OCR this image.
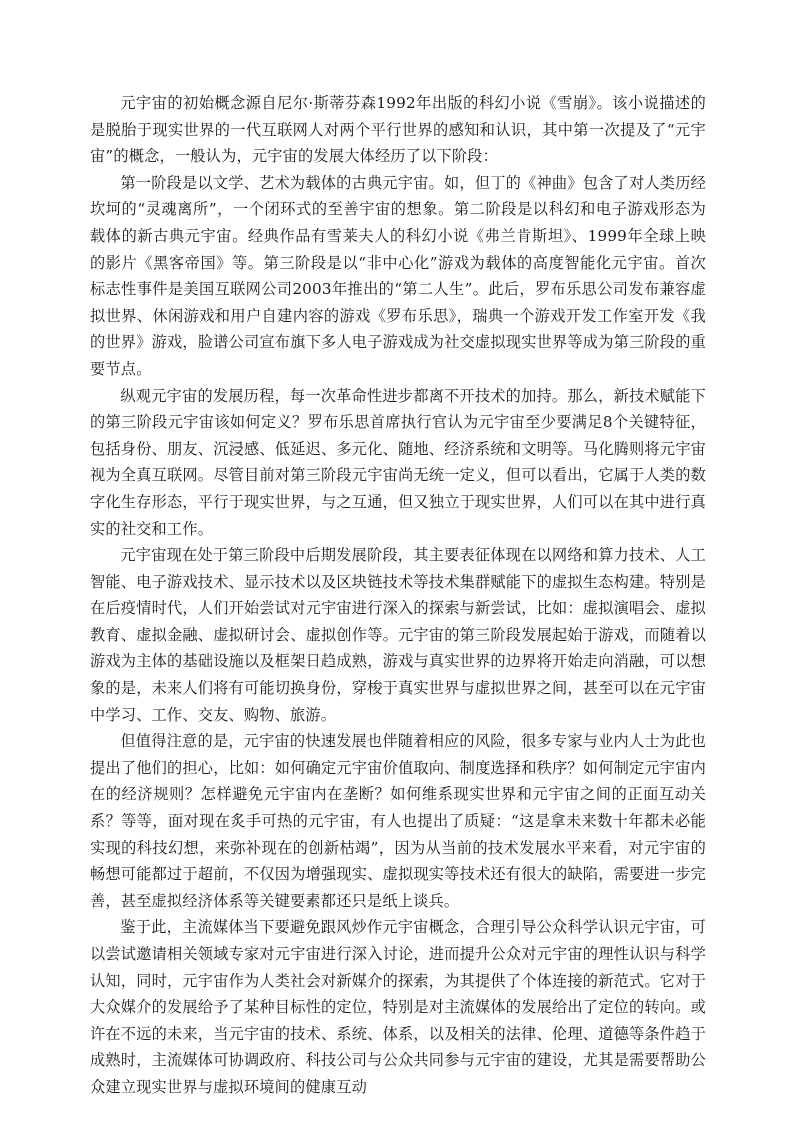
元宇宙的初始概念源自尼尔·斯蒂芬森1992年出版的科幻小说《雪崩》。该小说描述的是脱胎于现实世界的一代互联网人对两个平行世界的感知和认识，其中第一次提及了“元宇宙”的概念，一般认为，元宇宙的发展大体经历了以下阶段：

第一阶段是以文学、艺术为载体的古典元宇宙。如，但丁的《神曲》包含了对人类历经坎坷的“灵魂离所”，一个闭环式的至善宇宙的想象。第二阶段是以科幻和电子游戏形态为载体的新古典元宇宙。经典作品有雪莱夫人的科幻小说《弗兰肯斯坦》、1999年全球上映的影片《黑客帝国》等。第三阶段是以“非中心化”游戏为载体的高度智能化元宇宙。首次标志性事件是美国互联网公司2003年推出的“第二人生”。此后，罗布乐思公司发布兼容虚拟世界、休闲游戏和用户自建内容的游戏《罗布乐思》，瑞典一个游戏开发工作室开发《我的世界》游戏，脸谱公司宣布旗下多人电子游戏成为社交虚拟现实世界等成为第三阶段的重要节点。

纵观元宇宙的发展历程，每一次革命性进步都离不开技术的加持。那么，新技术赋能下的第三阶段元宇宙该如何定义？罗布乐思首席执行官认为元宇宙至少要满足8个关键特征，包括身份、朋友、沉浸感、低延迟、多元化、随地、经济系统和文明等。马化腾则将元宇宙视为全真互联网。尽管目前对第三阶段元宇宙尚无统一定义，但可以看出，它属于人类的数字化生存形态，平行于现实世界，与之互通，但又独立于现实世界，人们可以在其中进行真实的社交和工作。

元宇宙现在处于第三阶段中后期发展阶段，其主要表征体现在以网络和算力技术、人工智能、电子游戏技术、显示技术以及区块链技术等技术集群赋能下的虚拟生态构建。特别是在后疫情时代，人们开始尝试对元宇宙进行深入的探索与新尝试，比如：虚拟演唱会、虚拟教育、虚拟金融、虚拟研讨会、虚拟创作等。元宇宙的第三阶段发展起始于游戏，而随着以游戏为主体的基础设施以及框架日趋成熟，游戏与真实世界的边界将开始走向消融，可以想象的是，未来人们将有可能切换身份，穿梭于真实世界与虚拟世界之间，甚至可以在元宇宙中学习、工作、交友、购物、旅游。

但值得注意的是，元宇宙的快速发展也伴随着相应的风险，很多专家与业内人士为此也提出了他们的担心，比如：如何确定元宇宙价值取向、制度选择和秩序？如何制定元宇宙内在的经济规则？怎样避免元宇宙内在垄断？如何维系现实世界和元宇宙之间的正面互动关系？等等，面对现在炙手可热的元宇宙，有人也提出了质疑：“这是拿未来数十年都未必能实现的科技幻想，来弥补现在的创新枯竭”，因为从当前的技术发展水平来看，对元宇宙的畅想可能都过于超前，不仅因为增强现实、虚拟现实等技术还有很大的缺陷，需要进一步完善，甚至虚拟经济体系等关键要素都还只是纸上谈兵。

鉴于此，主流媒体当下要避免跟风炒作元宇宙概念，合理引导公众科学认识元宇宙，可以尝试邀请相关领域专家对元宇宙进行深入讨论，进而提升公众对元宇宙的理性认识与科学认知，同时，元宇宙作为人类社会对新媒介的探索，为其提供了个体连接的新范式。它对于大众媒介的发展给予了某种目标性的定位，特别是对主流媒体的发展给出了定位的转向。或许在不远的未来，当元宇宙的技术、系统、体系，以及相关的法律、伦理、道德等条件趋于成熟时，主流媒体可协调政府、科技公司与公众共同参与元宇宙的建设，尤其是需要帮助公众建立现实世界与虚拟环境间的健康互动
